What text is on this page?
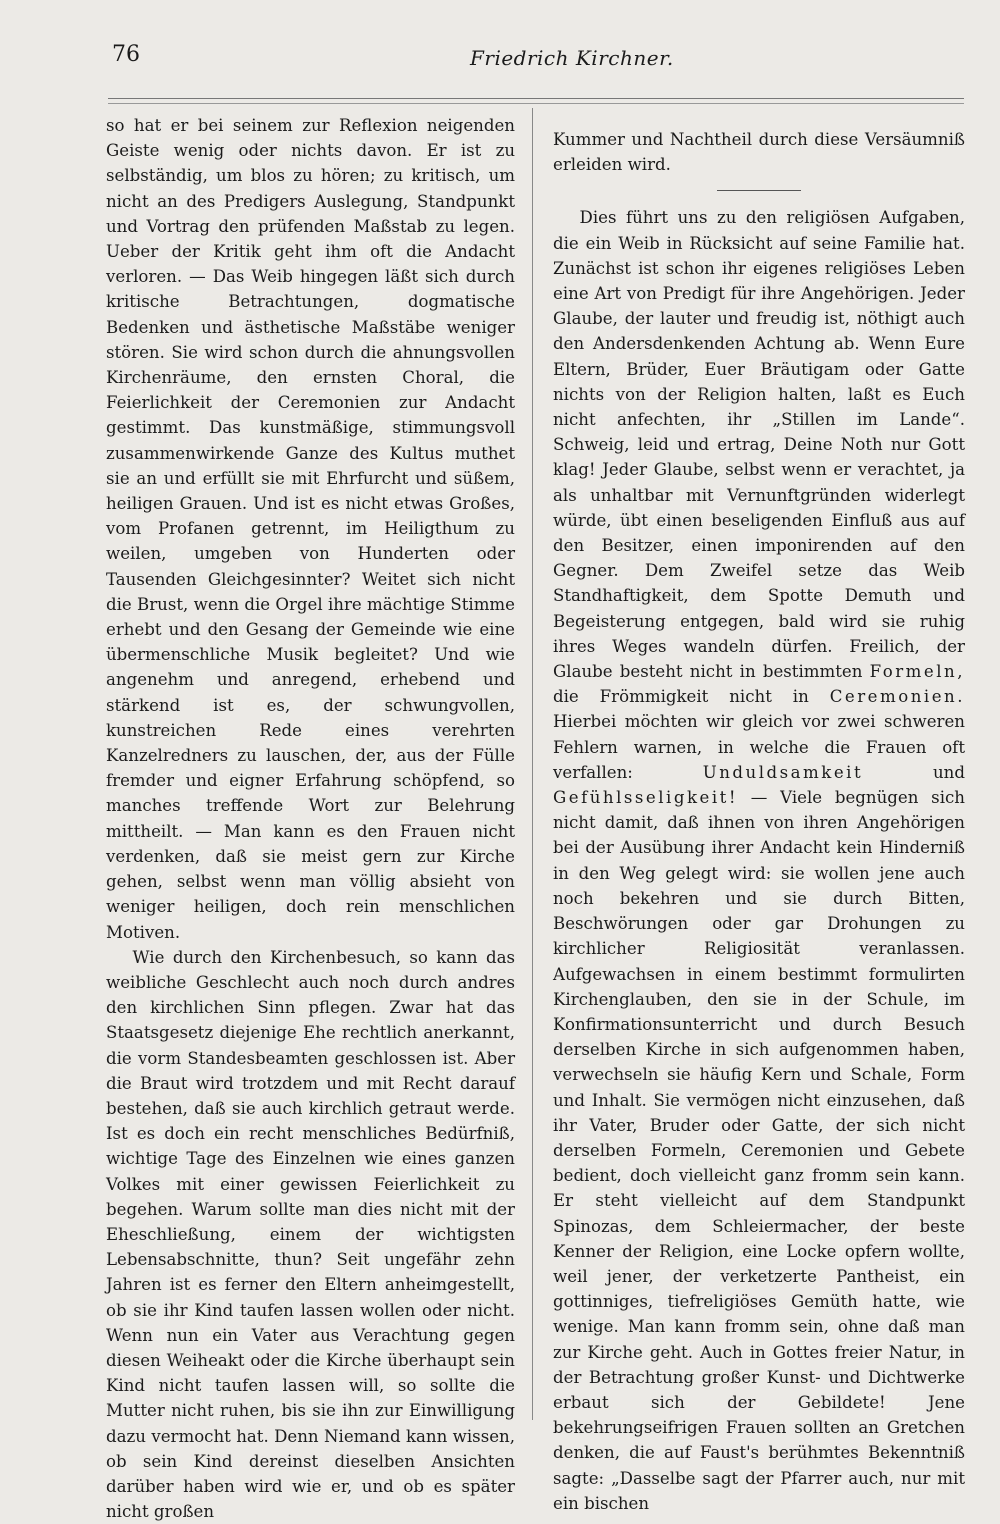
76	Friedrich Kirchner.

so hat er bei seinem zur Reflexion neigenden Geiste wenig oder nichts davon. Er ist zu selbständig, um blos zu hören; zu kritisch, um nicht an des Predigers Auslegung, Standpunkt und Vortrag den prüfenden Maßstab zu legen. Ueber der Kritik geht ihm oft die Andacht verloren. — Das Weib hingegen läßt sich durch kritische Betrachtungen, dogmatische Bedenken und ästhetische Maßstäbe weniger stören. Sie wird schon durch die ahnungsvollen Kirchenräume, den ernsten Choral, die Feierlichkeit der Ceremonien zur Andacht gestimmt. Das kunstmäßige, stimmungsvoll zusammenwirkende Ganze des Kultus muthet sie an und erfüllt sie mit Ehrfurcht und süßem, heiligen Grauen. Und ist es nicht etwas Großes, vom Profanen getrennt, im Heiligthum zu weilen, umgeben von Hunderten oder Tausenden Gleichgesinnter? Weitet sich nicht die Brust, wenn die Orgel ihre mächtige Stimme erhebt und den Gesang der Gemeinde wie eine übermenschliche Musik begleitet? Und wie angenehm und anregend, erhebend und stärkend ist es, der schwungvollen, kunstreichen Rede eines verehrten Kanzelredners zu lauschen, der, aus der Fülle fremder und eigner Erfahrung schöpfend, so manches treffende Wort zur Belehrung mittheilt. — Man kann es den Frauen nicht verdenken, daß sie meist gern zur Kirche gehen, selbst wenn man völlig absieht von weniger heiligen, doch rein menschlichen Motiven.

Wie durch den Kirchenbesuch, so kann das weibliche Geschlecht auch noch durch andres den kirchlichen Sinn pflegen. Zwar hat das Staatsgesetz diejenige Ehe rechtlich anerkannt, die vorm Standesbeamten geschlossen ist. Aber die Braut wird trotzdem und mit Recht darauf bestehen, daß sie auch kirchlich getraut werde. Ist es doch ein recht menschliches Bedürfniß, wichtige Tage des Einzelnen wie eines ganzen Volkes mit einer gewissen Feierlichkeit zu begehen. Warum sollte man dies nicht mit der Eheschließung, einem der wichtigsten Lebensabschnitte, thun? Seit ungefähr zehn Jahren ist es ferner den Eltern anheimgestellt, ob sie ihr Kind taufen lassen wollen oder nicht. Wenn nun ein Vater aus Verachtung gegen diesen Weiheakt oder die Kirche überhaupt sein Kind nicht taufen lassen will, so sollte die Mutter nicht ruhen, bis sie ihn zur Einwilligung dazu vermocht hat. Denn Niemand kann wissen, ob sein Kind dereinst dieselben Ansichten darüber haben wird wie er, und ob es später nicht großen

Kummer und Nachtheil durch diese Versäumniß erleiden wird.

Dies führt uns zu den religiösen Aufgaben, die ein Weib in Rücksicht auf seine Familie hat. Zunächst ist schon ihr eigenes religiöses Leben eine Art von Predigt für ihre Angehörigen. Jeder Glaube, der lauter und freudig ist, nöthigt auch den Andersdenkenden Achtung ab. Wenn Eure Eltern, Brüder, Euer Bräutigam oder Gatte nichts von der Religion halten, laßt es Euch nicht anfechten, ihr „Stillen im Lande“. Schweig, leid und ertrag, Deine Noth nur Gott klag! Jeder Glaube, selbst wenn er verachtet, ja als unhaltbar mit Vernunftgründen widerlegt würde, übt einen beseligenden Einfluß aus auf den Besitzer, einen imponirenden auf den Gegner. Dem Zweifel setze das Weib Standhaftigkeit, dem Spotte Demuth und Begeisterung entgegen, bald wird sie ruhig ihres Weges wandeln dürfen. Freilich, der Glaube besteht nicht in bestimmten Formeln, die Frömmigkeit nicht in Ceremonien. Hierbei möchten wir gleich vor zwei schweren Fehlern warnen, in welche die Frauen oft verfallen:	Unduldsamkeit	und Gefühlsseligkeit! — Viele begnügen sich nicht damit, daß ihnen von ihren Angehörigen bei der Ausübung ihrer Andacht kein Hinderniß in den Weg gelegt wird: sie wollen jene auch noch bekehren und sie durch Bitten, Beschwörungen oder gar Drohungen zu kirchlicher Religiosität veranlassen. Aufgewachsen in einem bestimmt formulirten Kirchenglauben, den sie in der Schule, im Konfirmationsunterricht und durch Besuch derselben Kirche in sich aufgenommen haben, verwechseln sie häufig Kern und Schale, Form und Inhalt. Sie vermögen nicht einzusehen, daß ihr Vater, Bruder oder Gatte, der sich nicht derselben Formeln, Ceremonien und Gebete bedient, doch vielleicht ganz fromm sein kann. Er steht vielleicht auf dem Standpunkt Spinozas, dem Schleiermacher, der beste Kenner der Religion, eine Locke opfern wollte, weil jener, der verketzerte Pantheist, ein gottinniges, tiefreligiöses Gemüth hatte, wie wenige. Man kann fromm sein, ohne daß man zur Kirche geht. Auch in Gottes freier Natur, in der Betrachtung großer Kunst- und Dichtwerke erbaut sich der Gebildete! Jene bekehrungseifrigen Frauen sollten an Gretchen denken, die auf Faust's berühmtes Bekenntniß sagte: „Dasselbe sagt der Pfarrer auch, nur mit ein bischen
